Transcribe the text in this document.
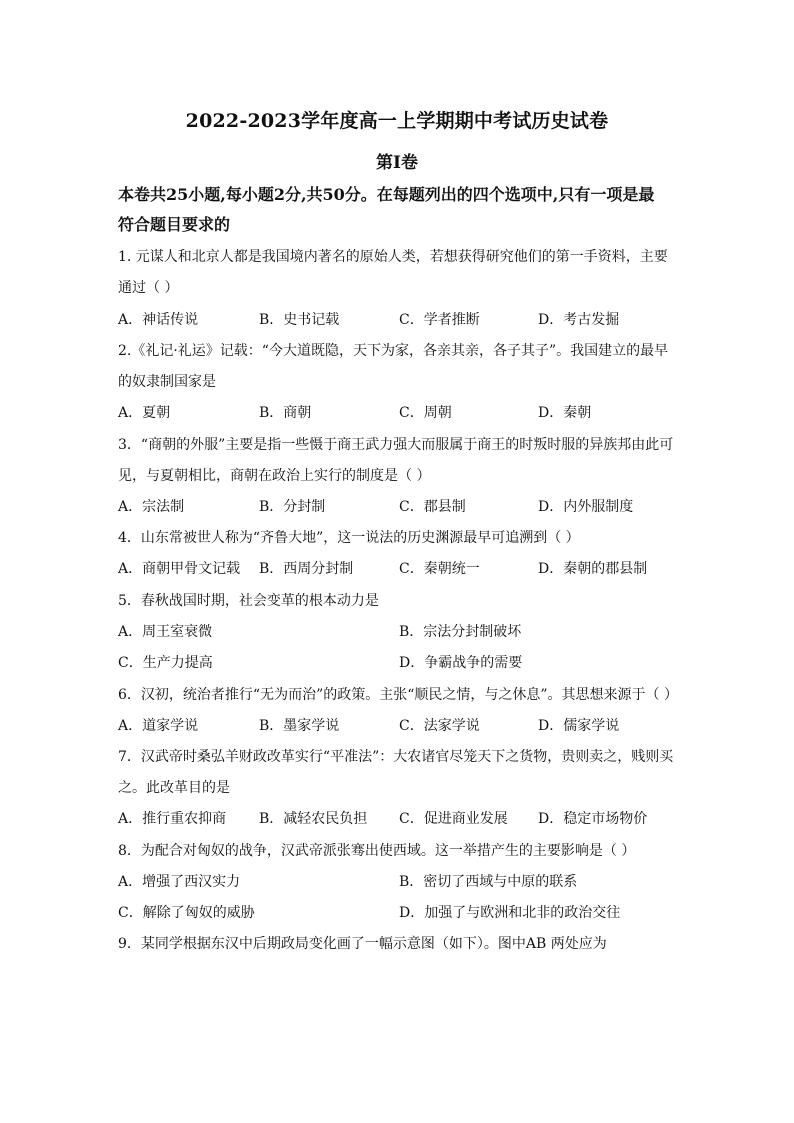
2022-2023学年度高一上学期期中考试历史试卷
第Ⅰ卷
本卷共25小题,每小题2分,共50分。在每题列出的四个选项中,只有一项是最
符合题目要求的
1. 元谋人和北京人都是我国境内著名的原始人类，若想获得研究他们的第一手资料，主要
通过（ ）
A．神话传说	B．史书记载	C．学者推断	D．考古发掘
2.《礼记·礼运》记载：“今大道既隐，天下为家，各亲其亲，各子其子”。我国建立的最早
的奴隶制国家是
A．夏朝	B．商朝	C．周朝	D．秦朝
3．“商朝的外服”主要是指一些慑于商王武力强大而服属于商王的时叛时服的异族邦由此可
见，与夏朝相比，商朝在政治上实行的制度是（ ）
A．宗法制	B．分封制	C．郡县制	D．内外服制度
4．山东常被世人称为“齐鲁大地”，这一说法的历史渊源最早可追溯到（ ）
A．商朝甲骨文记载 B．西周分封制	C．秦朝统一	D．秦朝的郡县制
5．春秋战国时期，社会变革的根本动力是
A．周王室衰微	B．宗法分封制破坏
C．生产力提高	D．争霸战争的需要
6．汉初，统治者推行“无为而治”的政策。主张“顺民之情，与之休息”。其思想来源于（ ）
A．道家学说	B．墨家学说	C．法家学说	D．儒家学说
7．汉武帝时桑弘羊财政改革实行“平准法”：大农诸官尽笼天下之货物，贵则卖之，贱则买
之。此改革目的是
A．推行重农抑商 B．减轻农民负担 C．促进商业发展 D．稳定市场物价
8．为配合对匈奴的战争，汉武帝派张骞出使西域。这一举措产生的主要影响是（ ）
A．增强了西汉实力	B．密切了西域与中原的联系
C．解除了匈奴的威胁	D．加强了与欧洲和北非的政治交往
9．某同学根据东汉中后期政局变化画了一幅示意图（如下）。图中AB 两处应为
